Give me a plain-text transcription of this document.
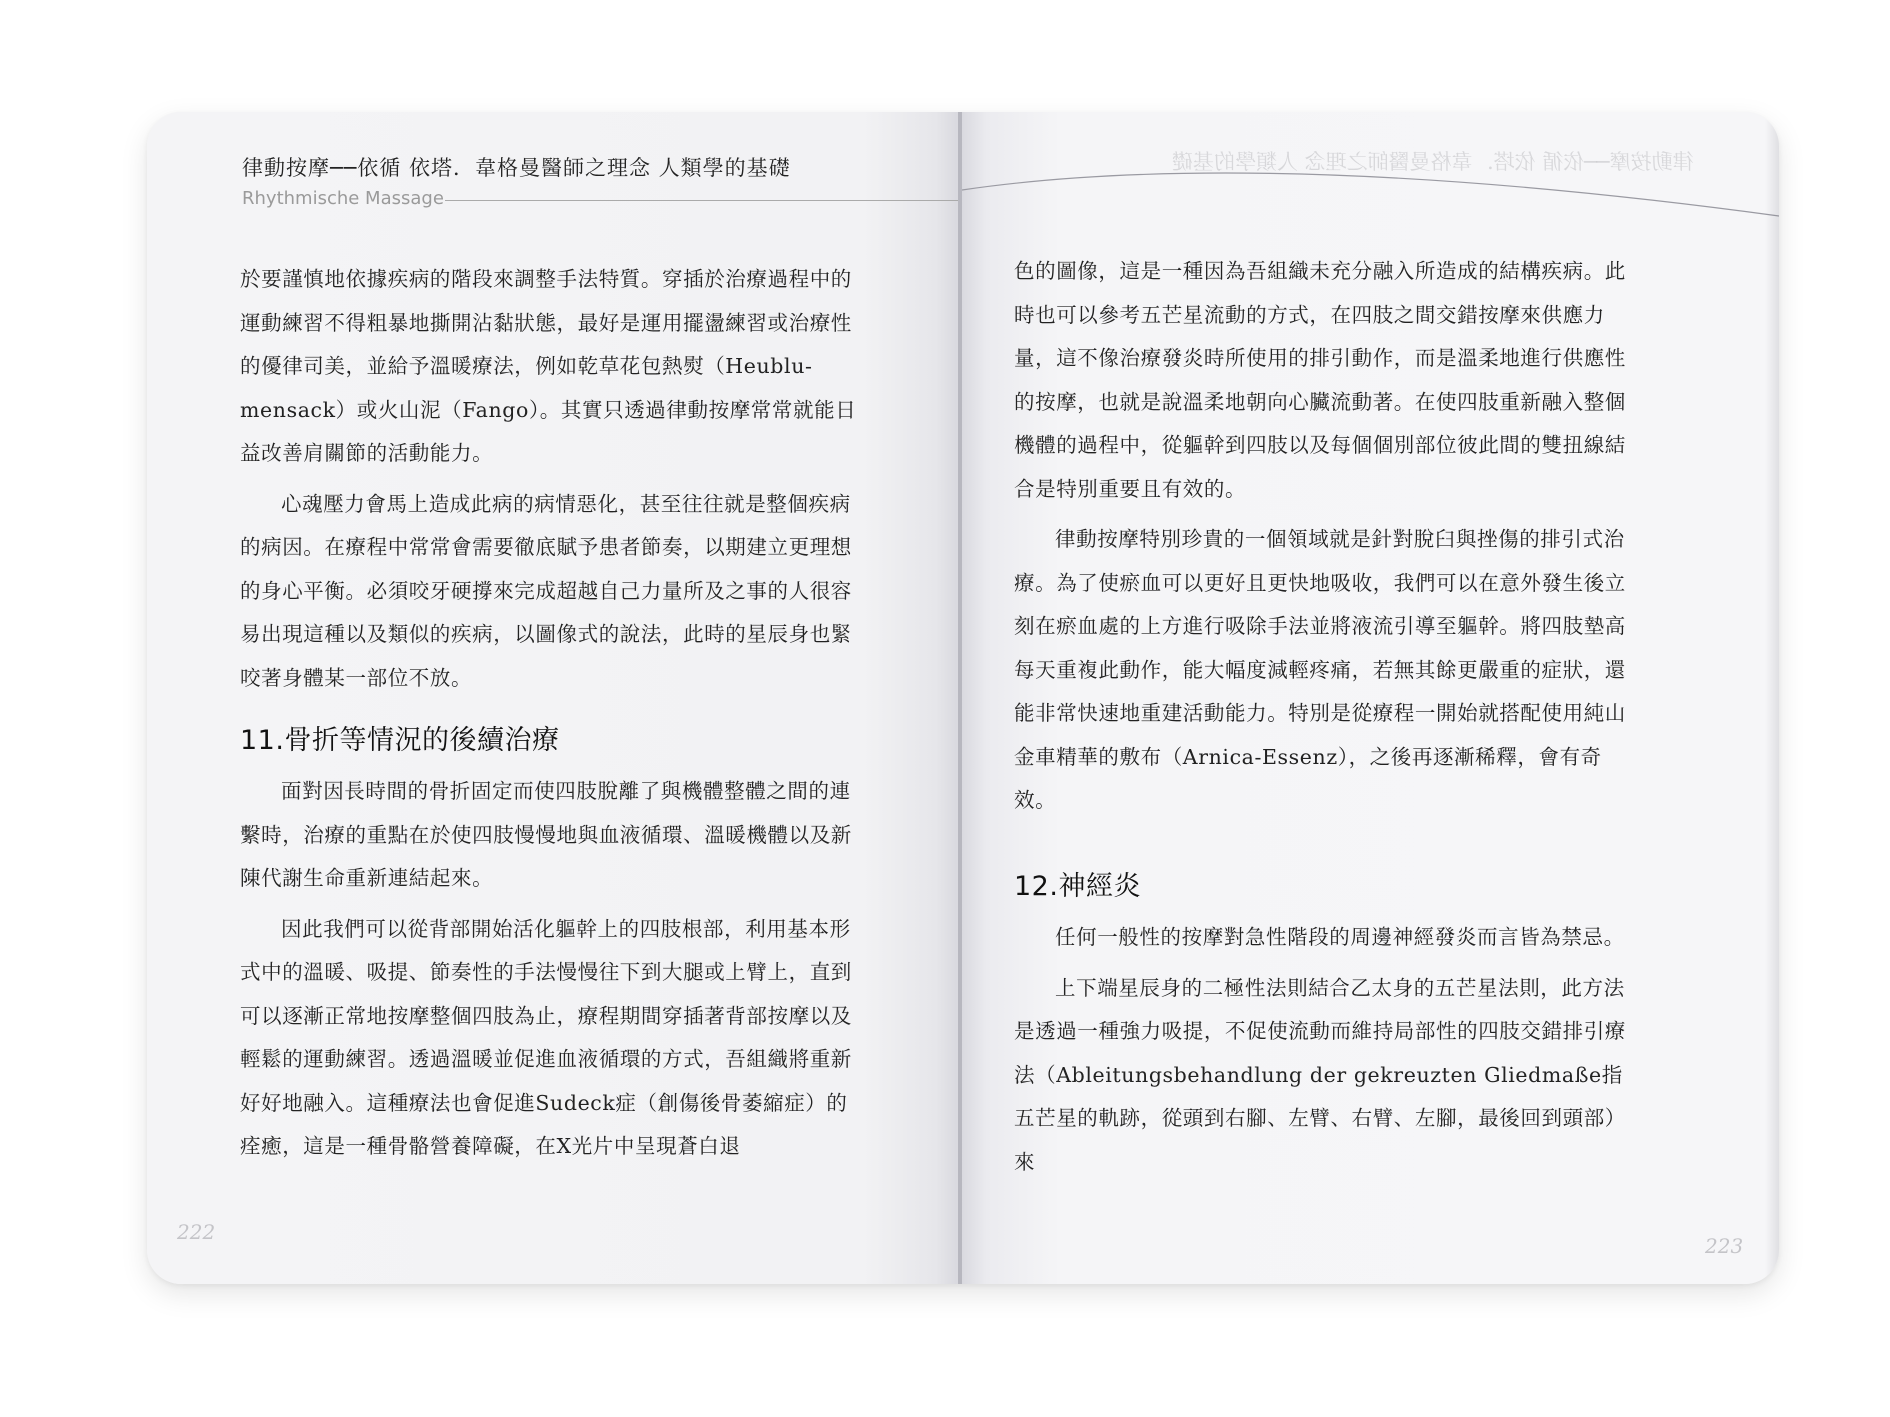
律動按摩──依循 依塔．韋格曼醫師之理念 人類學的基礎
Rhythmische Massage

於要謹慎地依據疾病的階段來調整手法特質。穿插於治療過程中的運動練習不得粗暴地撕開沾黏狀態，最好是運用擺盪練習或治療性的優律司美，並給予溫暖療法，例如乾草花包熱熨（Heublu-mensack）或火山泥（Fango）。其實只透過律動按摩常常就能日益改善肩關節的活動能力。

心魂壓力會馬上造成此病的病情惡化，甚至往往就是整個疾病的病因。在療程中常常會需要徹底賦予患者節奏，以期建立更理想的身心平衡。必須咬牙硬撐來完成超越自己力量所及之事的人很容易出現這種以及類似的疾病，以圖像式的說法，此時的星辰身也緊咬著身體某一部位不放。

11.骨折等情況的後續治療

面對因長時間的骨折固定而使四肢脫離了與機體整體之間的連繫時，治療的重點在於使四肢慢慢地與血液循環、溫暖機體以及新陳代謝生命重新連結起來。

因此我們可以從背部開始活化軀幹上的四肢根部，利用基本形式中的溫暖、吸提、節奏性的手法慢慢往下到大腿或上臂上，直到可以逐漸正常地按摩整個四肢為止，療程期間穿插著背部按摩以及輕鬆的運動練習。透過溫暖並促進血液循環的方式，吾組織將重新好好地融入。這種療法也會促進Sudeck症（創傷後骨萎縮症）的痊癒，這是一種骨骼營養障礙，在X光片中呈現蒼白退

222
律動按摩──依循 依塔．韋格曼醫師之理念 人類學的基礎

色的圖像，這是一種因為吾組織未充分融入所造成的結構疾病。此時也可以參考五芒星流動的方式，在四肢之間交錯按摩來供應力量，這不像治療發炎時所使用的排引動作，而是溫柔地進行供應性的按摩，也就是說溫柔地朝向心臟流動著。在使四肢重新融入整個機體的過程中，從軀幹到四肢以及每個個別部位彼此間的雙扭線結合是特別重要且有效的。

律動按摩特別珍貴的一個領域就是針對脫臼與挫傷的排引式治療。為了使瘀血可以更好且更快地吸收，我們可以在意外發生後立刻在瘀血處的上方進行吸除手法並將液流引導至軀幹。將四肢墊高每天重複此動作，能大幅度減輕疼痛，若無其餘更嚴重的症狀，還能非常快速地重建活動能力。特別是從療程一開始就搭配使用純山金車精華的敷布（Arnica-Essenz），之後再逐漸稀釋，會有奇效。

12.神經炎

任何一般性的按摩對急性階段的周邊神經發炎而言皆為禁忌。

上下端星辰身的二極性法則結合乙太身的五芒星法則，此方法是透過一種強力吸提，不促使流動而維持局部性的四肢交錯排引療法（Ableitungsbehandlung der gekreuzten Gliedmaße指五芒星的軌跡，從頭到右腳、左臂、右臂、左腳，最後回到頭部）來

223
